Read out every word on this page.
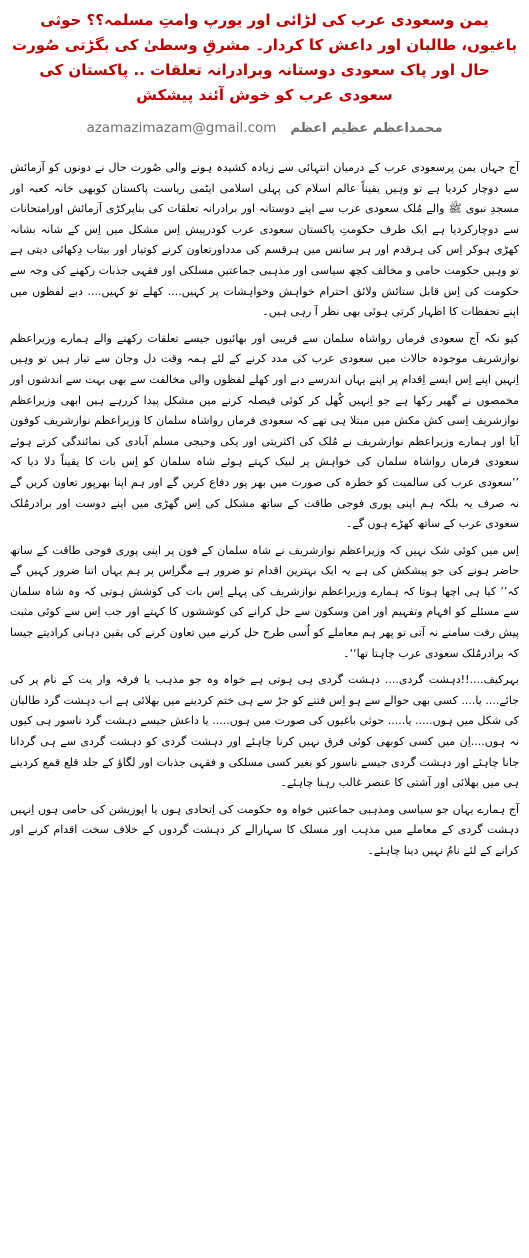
یمن وسعودی عرب کی لڑائی اور یورپ وامتِ مسلمہ؟؟ حوثی باغیوں، طالبان اور داعش کا کردار۔ مشرقِ وسطیٰ کی بگڑتی صُورت حال اور پاک سعودی دوستانہ وبرادرانہ تعلقات .. پاکستان کی سعودی عرب کو خوش آئند پیشکش
azamazimazam@gmail.com محمداعظم عظیم اعظم

آج جہاں یمن پرسعودی عرب کے درمیان انتہائی سے زیادہ کشیدہ ہونے والی صُورت حال نے دونوں کو آزمائش سے دوچار کردیا ہے تو وہیں یقیناً عالم اسلام کی پہلی اسلامی ایٹمی ریاست پاکستان کوبھی خانہ کعبہ اور مسجدِ نبوی ﷺ والے مُلک سعودی عرب سے اپنے دوستانہ اور برادرانہ تعلقات کی بناپرکڑی آزمائش اورامتحانات سے دوچارکردیا ہے ایک طرف حکومتِ پاکستان سعودی عرب کودرپیش اِس مشکل میں اِس کے شانہ بشانہ کھڑی ہوکر اِس کی ہرقدم اور ہر سانس میں ہرقسم کی مدداورتعاون کرنے کوتیار اور بیتاب دِکھائی دیتی ہے تو وہیں حکومت حامی و مخالف کچھ سیاسی اور مذہبی جماعتیں مسلکی اور فقہی جذبات رکھنے کی وجہ سے حکومت کی اِس قابل ستائش ولائق احترام خواہش وخواہشات پر کہیں.... کھلے تو کہیں.... دبے لفظوں میں اپنے تحفظات کا اظہار کرتی ہوئی بھی نظر آ رہی ہیں۔

کیو نکہ آج سعودی فرماں رواشاہ سلمان سے قریبی اور بھائیوں جیسے تعلقات رکھنے والے ہمارے وزیراعظم نوازشریف موجودہ حالات میں سعودی عرب کی مدد کرنے کے لئے ہمہ وقت دل وجان سے تیار ہیں تو وہیں اِنہیں اپنے اِس ایسے اِقدام پر اپنے یہاں اندرسے دبے اور کھلے لفظوں والی مخالفت سے بھی بہت سے اندشوں اور مخمصوں نے گھیر رکھا ہے جو اِنہیں کُھل کر کوئی فیصلہ کرنے میں مشکل پیدا کررہے ہیں ابھی وزیراعظم نوازشریف اِسی کش مکش میں مبتلا ہی تھے کہ سعودی فرماں رواشاہ سلمان کا وزیراعظم نوازشریف کوفون آیا اور ہمارے وزیراعظم نوازشریف نے مُلک کی اکثریتی اور یکی وحیجی مسلم آبادی کی نمائندگی کرتے ہوئے سعودی فرماں رواشاہ سلمان کی خواہش پر لبیک کہتے ہوئے شاہ سلمان کو اِس بات کا یقیناً دلا دیا کہ ’’سعودی عرب کی سالمیت کو خطرہ کی صورت میں بھر پور دفاع کریں گے اور ہم اپنا بھرپور تعاون کریں گے نہ صرف یہ بلکہ ہم اپنی پوری فوجی طاقت کے ساتھ مشکل کی اِس گھڑی میں اپنے دوست اور برادرمُلک سعودی عرب کے ساتھ کھڑے ہوں گے۔

اِس میں کوئی شک نہیں کہ وزیراعظم نوازشریف نے شاہ سلمان کے فون پر اپنی پوری فوجی طاقت کے ساتھ حاضر ہونے کی جو پیشکش کی ہے یہ ایک بہترین اقدام تو ضرور ہے مگراِس پر ہم یہاں اتنا ضرور کہیں گے کہ’’ کیا ہی اچھا ہوتا کہ ہمارے وزیراعظم نوازشریف کی پہلے اِس بات کی کوشش ہوتی کہ وہ شاہ سلمان سے مسئلے کو افہام وتفہیم اور امن وسکون سے حل کرانے کی کوششوں کا کہتے اور جب اِس سے کوئی مثبت پیش رفت سامنے نہ آتی تو پھر ہم معاملے کو اُسی طرح حل کرنے میں تعاون کرنے کی یقین دہانی کرادیتے جیسا کہ برادرمُلک سعودی عرب چاہتا تھا‘‘۔

بہرکیف....!!دہشت گردی.... دہشت گردی ہی ہوتی ہے خواہ وہ جو مذہب یا فرقہ وار یت کے نام پر کی جائے.... یا.... کسی بھی حوالے سے ہو اِس فتنے کو جڑ سے ہی ختم کردینے میں بھلائی ہے اب دہشت گرد طالبان کی شکل میں ہوں..... یا..... حوثی باغیوں کی صورت میں ہوں..... یا داعش جیسے دہشت گرد ناسور ہی کیوں نہ ہوں....اِن میں کسی کوبھی کوئی فرق نہیں کرنا چاہئے اور دہشت گردی کو دہشت گردی سے ہی گردانا جانا چاہئے اور دہشت گردی جیسے ناسور کو بغیر کسی مسلکی و فقہی جذبات اور لگاؤ کے جلد قلع قمع کردینے ہی میں بھلائی اور آشتی کا عنصر غالب رہنا چاہئے۔

آج ہمارے یہاں جو سیاسی ومذہبی جماعتیں خواہ وہ حکومت کی اِتحادی ہوں یا اپوزیشن کی حامی ہوں اِنہیں دہشت گردی کے معاملے میں مذہب اور مسلک کا سہارالے کر دہشت گردوں کے خلاف سخت اقدام کرنے اور کرانے کے لئے نامُ نہیں دینا چاہئے۔
